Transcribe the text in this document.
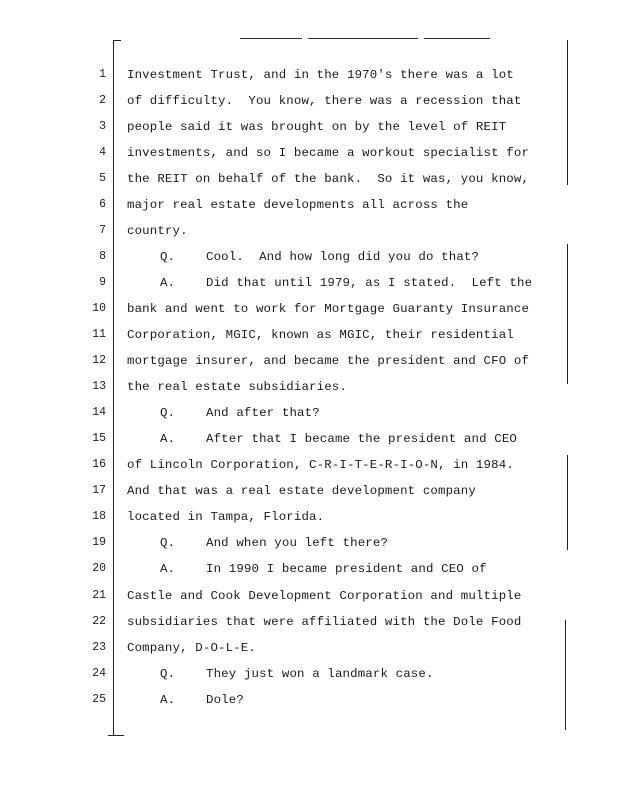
1 Investment Trust, and in the 1970's there was a lot
2 of difficulty.  You know, there was a recession that
3 people said it was brought on by the level of REIT
4 investments, and so I became a workout specialist for
5 the REIT on behalf of the bank.  So it was, you know,
6 major real estate developments all across the
7 country.
8	Q. Cool.  And how long did you do that?
9	A. Did that until 1979, as I stated.  Left the
10 bank and went to work for Mortgage Guaranty Insurance
11 Corporation, MGIC, known as MGIC, their residential
12 mortgage insurer, and became the president and CFO of
13 the real estate subsidiaries.
14	Q. And after that?
15	A. After that I became the president and CEO
16 of Lincoln Corporation, C-R-I-T-E-R-I-O-N, in 1984.
17 And that was a real estate development company
18 located in Tampa, Florida.
19	Q. And when you left there?
20	A. In 1990 I became president and CEO of
21 Castle and Cook Development Corporation and multiple
22 subsidiaries that were affiliated with the Dole Food
23 Company, D-O-L-E.
24	Q. They just won a landmark case.
25	A. Dole?
